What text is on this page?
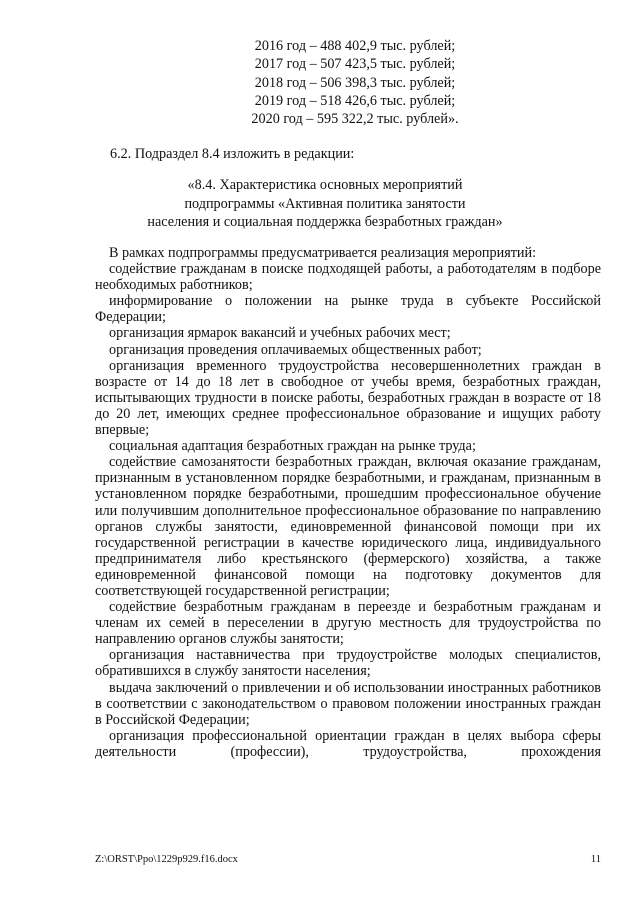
2016 год – 488 402,9 тыс. рублей;
2017 год – 507 423,5 тыс. рублей;
2018 год – 506 398,3 тыс. рублей;
2019 год – 518 426,6 тыс. рублей;
2020 год – 595 322,2 тыс. рублей».
6.2. Подраздел 8.4 изложить в редакции:
«8.4. Характеристика основных мероприятий
подпрограммы «Активная политика занятости
населения и социальная поддержка безработных граждан»

В рамках подпрограммы предусматривается реализация мероприятий:

содействие гражданам в поиске подходящей работы, а работодателям в подборе необходимых работников;

информирование о положении на рынке труда в субъекте Российской Федерации;

организация ярмарок вакансий и учебных рабочих мест;

организация проведения оплачиваемых общественных работ;

организация временного трудоустройства несовершеннолетних граждан в возрасте от 14 до 18 лет в свободное от учебы время, безработных граждан, испытывающих трудности в поиске работы, безработных граждан в возрасте от 18 до 20 лет, имеющих среднее профессиональное образование и ищущих работу впервые;

социальная адаптация безработных граждан на рынке труда;

содействие самозанятости безработных граждан, включая оказание гражданам, признанным в установленном порядке безработными, и гражданам, признанным в установленном порядке безработными, прошедшим профессиональное обучение или получившим дополнительное профессиональное образование по направлению органов службы занятости, единовременной финансовой помощи при их государственной регистрации в качестве юридического лица, индивидуального предпринимателя либо крестьянского (фермерского) хозяйства, а также единовременной финансовой помощи на подготовку документов для соответствующей государственной регистрации;

содействие безработным гражданам в переезде и безработным гражданам и членам их семей в переселении в другую местность для трудоустройства по направлению органов службы занятости;

организация наставничества при трудоустройстве молодых специалистов, обратившихся в службу занятости населения;

выдача заключений о привлечении и об использовании иностранных работников в соответствии с законодательством о правовом положении иностранных граждан в Российской Федерации;

организация профессиональной ориентации граждан в целях выбора сферы деятельности (профессии), трудоустройства, прохождения

Z:\ORST\Ppo\1229p929.f16.docx	11
